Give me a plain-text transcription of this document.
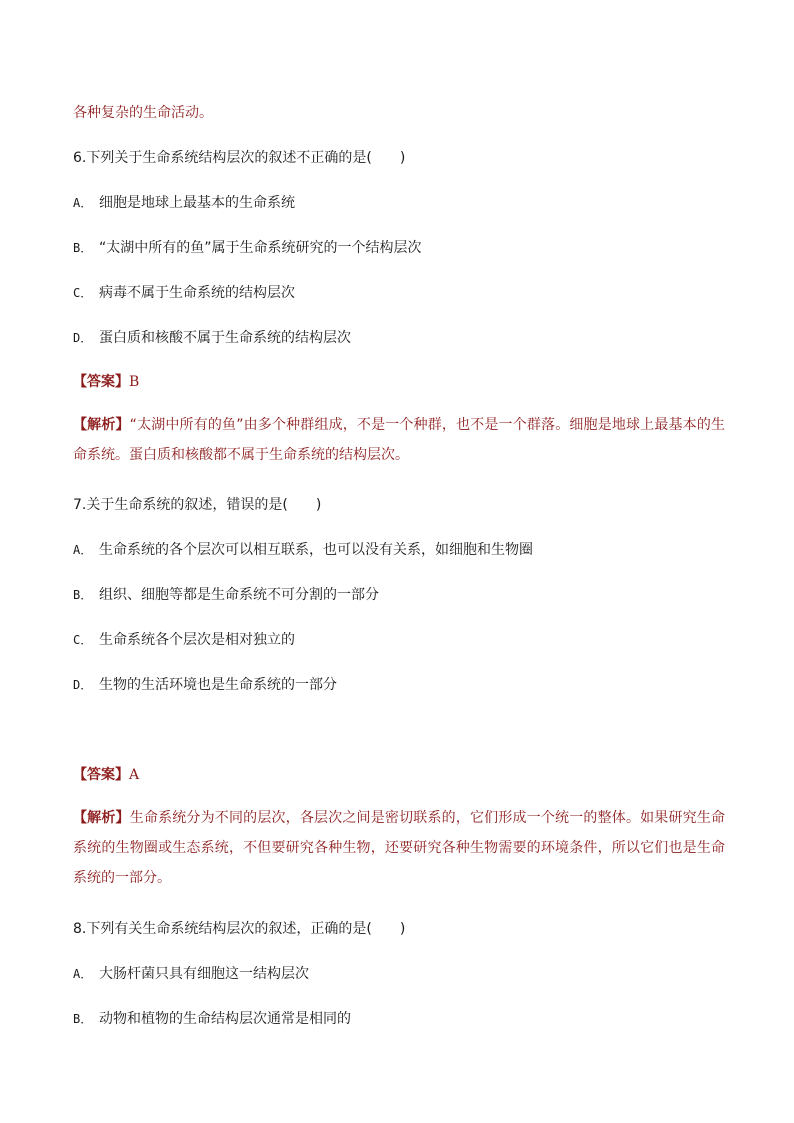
各种复杂的生命活动。
6.下列关于生命系统结构层次的叙述不正确的是(　　)
A． 细胞是地球上最基本的生命系统
B． “太湖中所有的鱼”属于生命系统研究的一个结构层次
C． 病毒不属于生命系统的结构层次
D． 蛋白质和核酸不属于生命系统的结构层次
【答案】B
【解析】“太湖中所有的鱼”由多个种群组成，不是一个种群，也不是一个群落。细胞是地球上最基本的生命系统。蛋白质和核酸都不属于生命系统的结构层次。
7.关于生命系统的叙述，错误的是(　　)
A． 生命系统的各个层次可以相互联系，也可以没有关系，如细胞和生物圈
B． 组织、细胞等都是生命系统不可分割的一部分
C． 生命系统各个层次是相对独立的
D． 生物的生活环境也是生命系统的一部分
【答案】A
【解析】生命系统分为不同的层次，各层次之间是密切联系的，它们形成一个统一的整体。如果研究生命系统的生物圈或生态系统，不但要研究各种生物，还要研究各种生物需要的环境条件，所以它们也是生命系统的一部分。
8.下列有关生命系统结构层次的叙述，正确的是(　　)
A． 大肠杆菌只具有细胞这一结构层次
B． 动物和植物的生命结构层次通常是相同的
